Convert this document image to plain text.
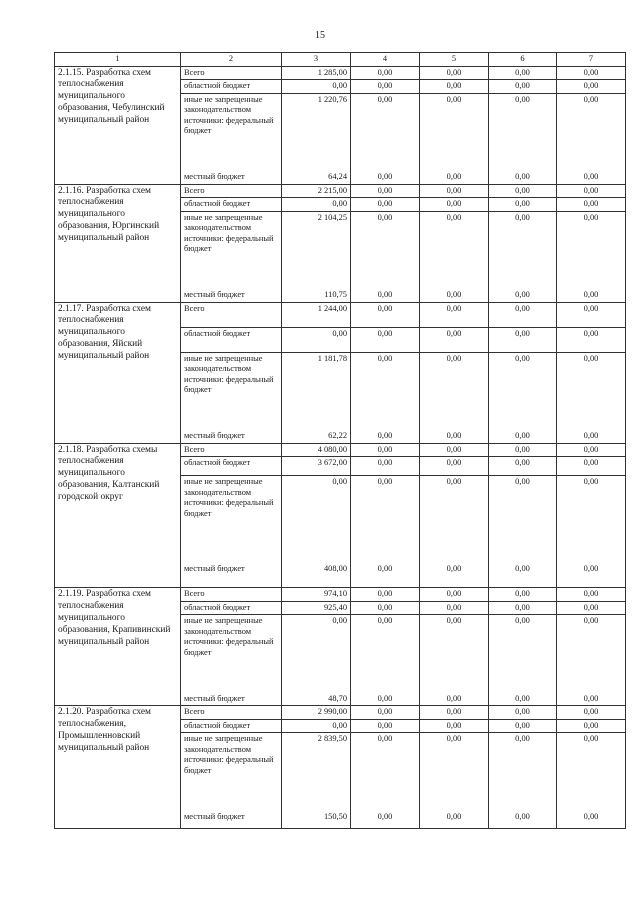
15
1	2	3	4	5	6	7
2.1.15. Разработка схем теплоснабжения муниципального образования, Чебулинский муниципальный район	Всего	1 285,00	0,00	0,00	0,00	0,00
	областной бюджет	0,00	0,00	0,00	0,00	0,00
	иные не запрещенные законодательством источники: федеральный бюджет	1 220,76	0,00	0,00	0,00	0,00
	местный бюджет	64,24	0,00	0,00	0,00	0,00
2.1.16. Разработка схем теплоснабжения муниципального образования, Юргинский муниципальный район	Всего	2 215,00	0,00	0,00	0,00	0,00
	областной бюджет	0,00	0,00	0,00	0,00	0,00
	иные не запрещенные законодательством источники: федеральный бюджет	2 104,25	0,00	0,00	0,00	0,00
	местный бюджет	110,75	0,00	0,00	0,00	0,00
2.1.17. Разработка схем теплоснабжения муниципального образования, Яйский муниципальный район	Всего	1 244,00	0,00	0,00	0,00	0,00
	областной бюджет	0,00	0,00	0,00	0,00	0,00
	иные не запрещенные законодательством источники: федеральный бюджет	1 181,78	0,00	0,00	0,00	0,00
	местный бюджет	62,22	0,00	0,00	0,00	0,00
2.1.18. Разработка схемы теплоснабжения муниципального образования, Калтанский городской округ	Всего	4 080,00	0,00	0,00	0,00	0,00
	областной бюджет	3 672,00	0,00	0,00	0,00	0,00
	иные не запрещенные законодательством источники: федеральный бюджет	0,00	0,00	0,00	0,00	0,00
	местный бюджет	408,00	0,00	0,00	0,00	0,00
2.1.19. Разработка схем теплоснабжения муниципального образования, Крапивинский муниципальный район	Всего	974,10	0,00	0,00	0,00	0,00
	областной бюджет	925,40	0,00	0,00	0,00	0,00
	иные не запрещенные законодательством источники: федеральный бюджет	0,00	0,00	0,00	0,00	0,00
	местный бюджет	48,70	0,00	0,00	0,00	0,00
2.1.20. Разработка схем теплоснабжения, Промышленновский муниципальный район	Всего	2 990,00	0,00	0,00	0,00	0,00
	областной бюджет	0,00	0,00	0,00	0,00	0,00
	иные не запрещенные законодательством источники: федеральный бюджет	2 839,50	0,00	0,00	0,00	0,00
	местный бюджет	150,50	0,00	0,00	0,00	0,00
